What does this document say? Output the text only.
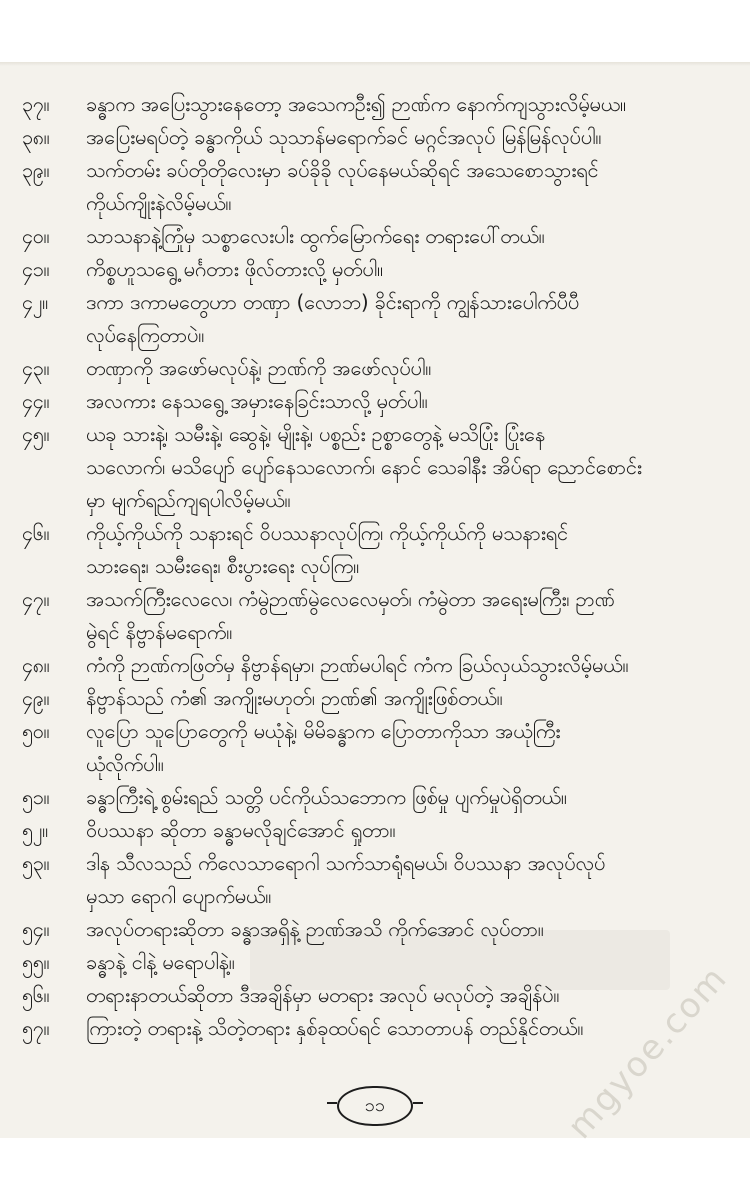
၃၇။	ခန္ဓာက အပြေးသွားနေတော့ အသေကဦး၍ ဉာဏ်က နောက်ကျသွားလိမ့်မယ။
၃၈။	အပြေးမရပ်တဲ့ ခန္ဓာကိုယ် သုသာန်မရောက်ခင် မဂ္ဂင်အလုပ် မြန်မြန်လုပ်ပါ။
၃၉။	သက်တမ်း ခပ်တိုတိုလေးမှာ ခပ်ခိုခို လုပ်နေမယ်ဆိုရင် အသေစောသွားရင်
ကိုယ်ကျိုးနဲလိမ့်မယ်။
၄၀။	သာသနာနဲ့ကြုံမှ သစ္စာလေးပါး ထွက်မြောက်ရေး တရားပေါ်တယ်။
၄၁။	ကိစ္စဟူသရွေ့ မင်္ဂတား ဖိုလ်တားလို့ မှတ်ပါ။
၄၂။	ဒကာ ဒကာမတွေဟာ တဏှာ (လောဘ) ခိုင်းရာကို ကျွန်သားပေါက်ပီပီ
လုပ်နေကြတာပဲ။
၄၃။	တဏှာကို အဖော်မလုပ်နဲ့၊ ဉာဏ်ကို အဖော်လုပ်ပါ။
၄၄။	အလကား နေသရွေ့ အမှားနေခြင်းသာလို့ မှတ်ပါ။
၄၅။	ယခု သားနဲ့၊ သမီးနဲ့၊ ဆွေနဲ့၊ မျိုးနဲ့၊ ပစ္စည်း ဥစ္စာတွေနဲ့ မသိပြုံး ပြုံးနေ
သလောက်၊ မသိပျော် ပျော်နေသလောက်၊ နောင် သေခါနီး အိပ်ရာ ညောင်စောင်း
မှာ မျက်ရည်ကျရပါလိမ့်မယ်။
၄၆။	ကိုယ့်ကိုယ်ကို သနားရင် ဝိပဿနာလုပ်ကြ၊ ကိုယ့်ကိုယ်ကို မသနားရင်
သားရေး၊ သမီးရေး၊ စီးပွားရေး လုပ်ကြ။
၄၇။	အသက်ကြီးလေလေ၊ ကံမွဲဉာဏ်မွဲလေလေမှတ်၊ ကံမွဲတာ အရေးမကြီး၊ ဉာဏ်
မွဲရင် နိဗ္ဗာန်မရောက်။
၄၈။	ကံကို ဉာဏ်ကဖြတ်မှ နိဗ္ဗာန်ရမှာ၊ ဉာဏ်မပါရင် ကံက ခြယ်လှယ်သွားလိမ့်မယ်။
၄၉။	နိဗ္ဗာန်သည် ကံ၏ အကျိုးမဟုတ်၊ ဉာဏ်၏ အကျိုးဖြစ်တယ်။
၅၀။	လူပြော သူပြောတွေကို မယုံနဲ့၊ မိမိခန္ဓာက ပြောတာကိုသာ အယုံကြီး
ယုံလိုက်ပါ။
၅၁။	ခန္ဓာကြီးရဲ့ စွမ်းရည် သတ္တိ ပင်ကိုယ်သဘောက ဖြစ်မှု ပျက်မှုပဲရှိတယ်။
၅၂။	ဝိပဿနာ ဆိုတာ ခန္ဓာမလိုချင်အောင် ရှုတာ။
၅၃။	ဒါန သီလသည် ကိလေသာရောဂါ သက်သာရုံရမယ်၊ ဝိပဿနာ အလုပ်လုပ်
မှသာ ရောဂါ ပျောက်မယ်။
၅၄။	အလုပ်တရားဆိုတာ ခန္ဓာအရှိနဲ့ ဉာဏ်အသိ ကိုက်အောင် လုပ်တာ။
၅၅။	ခန္ဓာနဲ့ ငါနဲ့ မရောပါနဲ့။
၅၆။	တရားနာတယ်ဆိုတာ ဒီအချိန်မှာ မတရား အလုပ် မလုပ်တဲ့ အချိန်ပဲ။
၅၇။	ကြားတဲ့ တရားနဲ့ သိတဲ့တရား နှစ်ခုထပ်ရင် သောတာပန် တည်နိုင်တယ်။
၁၁	mgyoe.com
